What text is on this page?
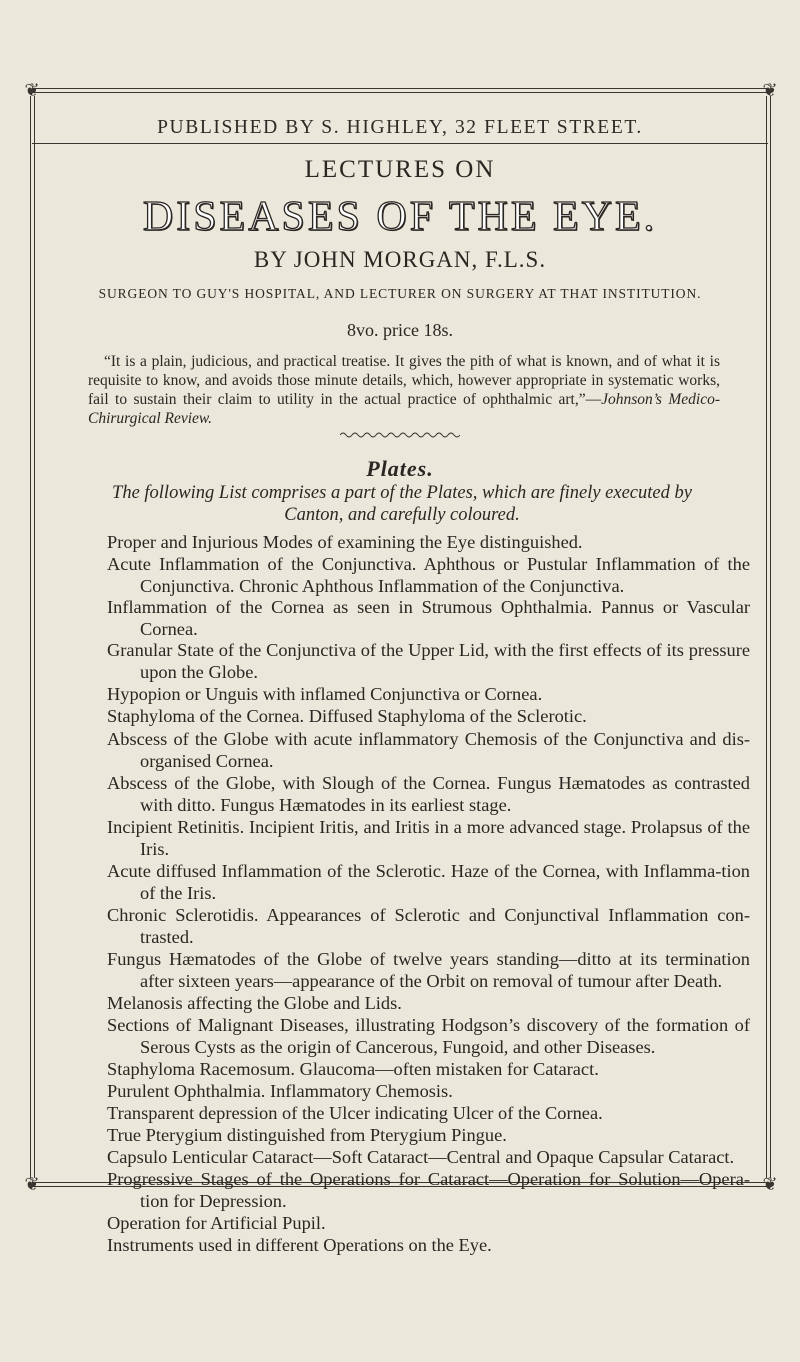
❦	❦
❦	❦
PUBLISHED BY S. HIGHLEY, 32 FLEET STREET.
LECTURES ON
DISEASES OF THE EYE.
BY JOHN MORGAN, F.L.S.
SURGEON TO GUY'S HOSPITAL, AND LECTURER ON SURGERY AT THAT INSTITUTION.
8vo. price 18s.
“It is a plain, judicious, and practical treatise. It gives the pith of what is known, and of what it is requisite to know, and avoids those minute details, which, however appropriate in systematic works, fail to sustain their claim to utility in the actual practice of ophthalmic art,”—Johnson’s Medico-Chirurgical Review.
Plates.
The following List comprises a part of the Plates, which are finely executed by Canton, and carefully coloured.
Proper and Injurious Modes of examining the Eye distinguished.
Acute Inflammation of the Conjunctiva. Aphthous or Pustular Inflammation of the Conjunctiva. Chronic Aphthous Inflammation of the Conjunctiva.
Inflammation of the Cornea as seen in Strumous Ophthalmia. Pannus or Vascular Cornea.
Granular State of the Conjunctiva of the Upper Lid, with the first effects of its pressure upon the Globe.
Hypopion or Unguis with inflamed Conjunctiva or Cornea.
Staphyloma of the Cornea. Diffused Staphyloma of the Sclerotic.
Abscess of the Globe with acute inflammatory Chemosis of the Conjunctiva and dis-organised Cornea.
Abscess of the Globe, with Slough of the Cornea. Fungus Hæmatodes as contrasted with ditto. Fungus Hæmatodes in its earliest stage.
Incipient Retinitis. Incipient Iritis, and Iritis in a more advanced stage. Prolapsus of the Iris.
Acute diffused Inflammation of the Sclerotic. Haze of the Cornea, with Inflamma-tion of the Iris.
Chronic Sclerotidis. Appearances of Sclerotic and Conjunctival Inflammation con-trasted.
Fungus Hæmatodes of the Globe of twelve years standing—ditto at its termination after sixteen years—appearance of the Orbit on removal of tumour after Death.
Melanosis affecting the Globe and Lids.
Sections of Malignant Diseases, illustrating Hodgson’s discovery of the formation of Serous Cysts as the origin of Cancerous, Fungoid, and other Diseases.
Staphyloma Racemosum. Glaucoma—often mistaken for Cataract.
Purulent Ophthalmia. Inflammatory Chemosis.
Transparent depression of the Ulcer indicating Ulcer of the Cornea.
True Pterygium distinguished from Pterygium Pingue.
Capsulo Lenticular Cataract—Soft Cataract—Central and Opaque Capsular Cataract.
Progressive Stages of the Operations for Cataract—Operation for Solution—Opera-tion for Depression.
Operation for Artificial Pupil.
Instruments used in different Operations on the Eye.
